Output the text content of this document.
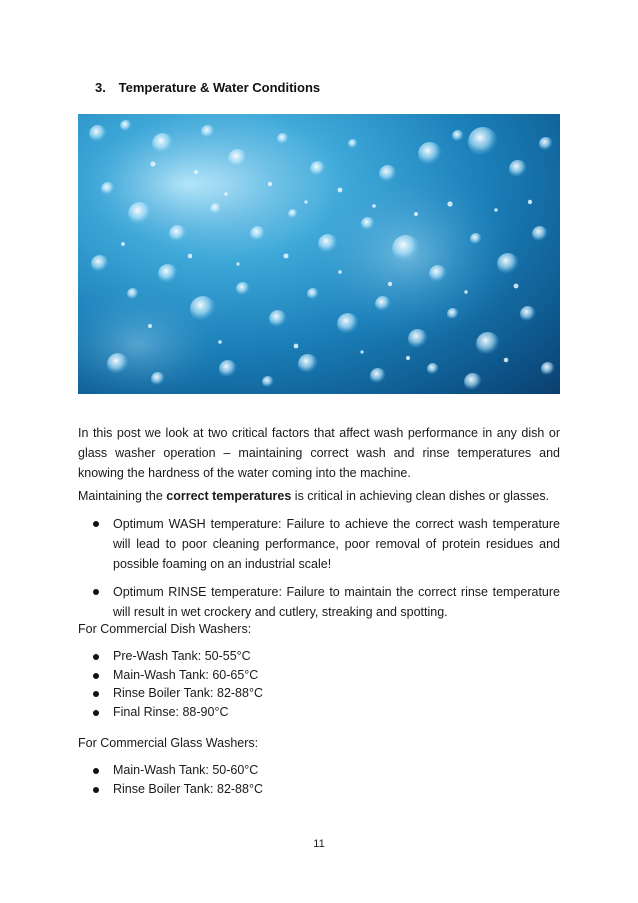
3. Temperature & Water Conditions
In this post we look at two critical factors that affect wash performance in any dish or glass washer operation – maintaining correct wash and rinse temperatures and knowing the hardness of the water coming into the machine.
Maintaining the correct temperatures is critical in achieving clean dishes or glasses.
Optimum WASH temperature: Failure to achieve the correct wash temperature will lead to poor cleaning performance, poor removal of protein residues and possible foaming on an industrial scale!
Optimum RINSE temperature: Failure to maintain the correct rinse temperature will result in wet crockery and cutlery, streaking and spotting.
For Commercial Dish Washers:
Pre-Wash Tank: 50-55°C
Main-Wash Tank: 60-65°C
Rinse Boiler Tank: 82-88°C
Final Rinse: 88-90°C
For Commercial Glass Washers:
Main-Wash Tank: 50-60°C
Rinse Boiler Tank: 82-88°C
11
